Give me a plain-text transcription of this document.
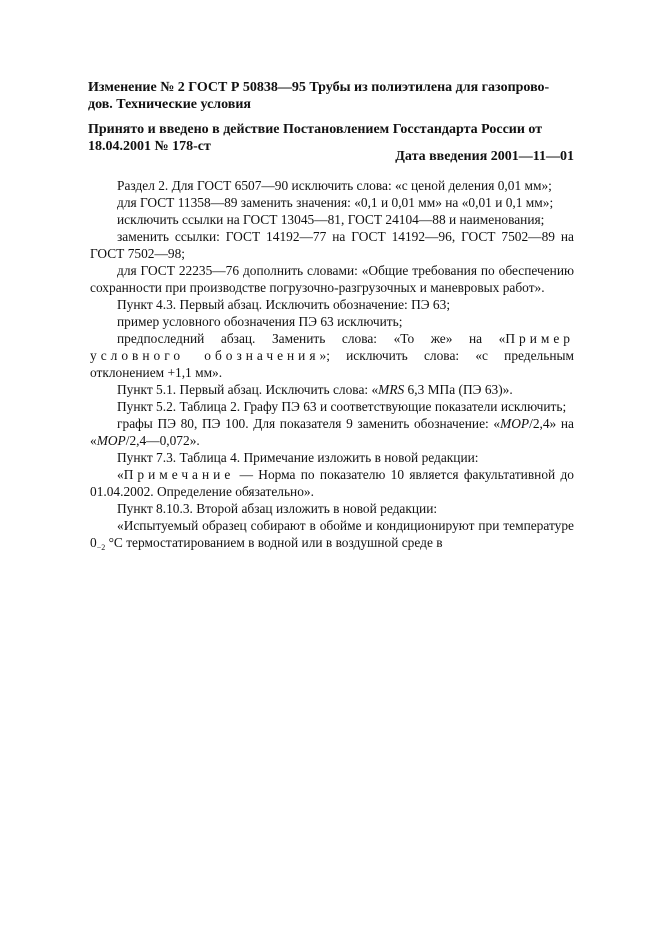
Изменение № 2 ГОСТ Р 50838—95 Трубы из полиэтилена для газопрово-
дов. Технические условия
Принято и введено в действие Постановлением Госстандарта России от
18.04.2001 № 178-ст
Дата введения 2001—11—01

Раздел 2. Для ГОСТ 6507—90 исключить слова: «с ценой деления 0,01 мм»;

для ГОСТ 11358—89 заменить значения: «0,1 и 0,01 мм» на «0,01 и 0,1 мм»;

исключить ссылки на ГОСТ 13045—81, ГОСТ 24104—88 и наименования;

заменить ссылки: ГОСТ 14192—77 на ГОСТ 14192—96, ГОСТ 7502—89 на ГОСТ 7502—98;

для ГОСТ 22235—76 дополнить словами: «Общие требования по обеспечению сохранности при производстве погрузочно-разгрузочных и маневровых работ».

Пункт 4.3. Первый абзац. Исключить обозначение: ПЭ 63;

пример условного обозначения ПЭ 63 исключить;

предпоследний абзац. Заменить слова: «То же» на «Пример условного обозначения»; исключить слова: «с предельным отклонением +1,1 мм».

Пункт 5.1. Первый абзац. Исключить слова: «MRS 6,3 МПа (ПЭ 63)».

Пункт 5.2. Таблица 2. Графу ПЭ 63 и соответствующие показатели исключить;

графы ПЭ 80, ПЭ 100. Для показателя 9 заменить обозначение: «MOP/2,4» на «MOP/2,4—0,072».

Пункт 7.3. Таблица 4. Примечание изложить в новой редакции:

«Примечание — Норма по показателю 10 является факультативной до 01.04.2002. Определение обязательно».

Пункт 8.10.3. Второй абзац изложить в новой редакции:

«Испытуемый образец собирают в обойме и кондиционируют при температуре $0_{-2}$ °С термостатированием в водной или в воздушной среде в
